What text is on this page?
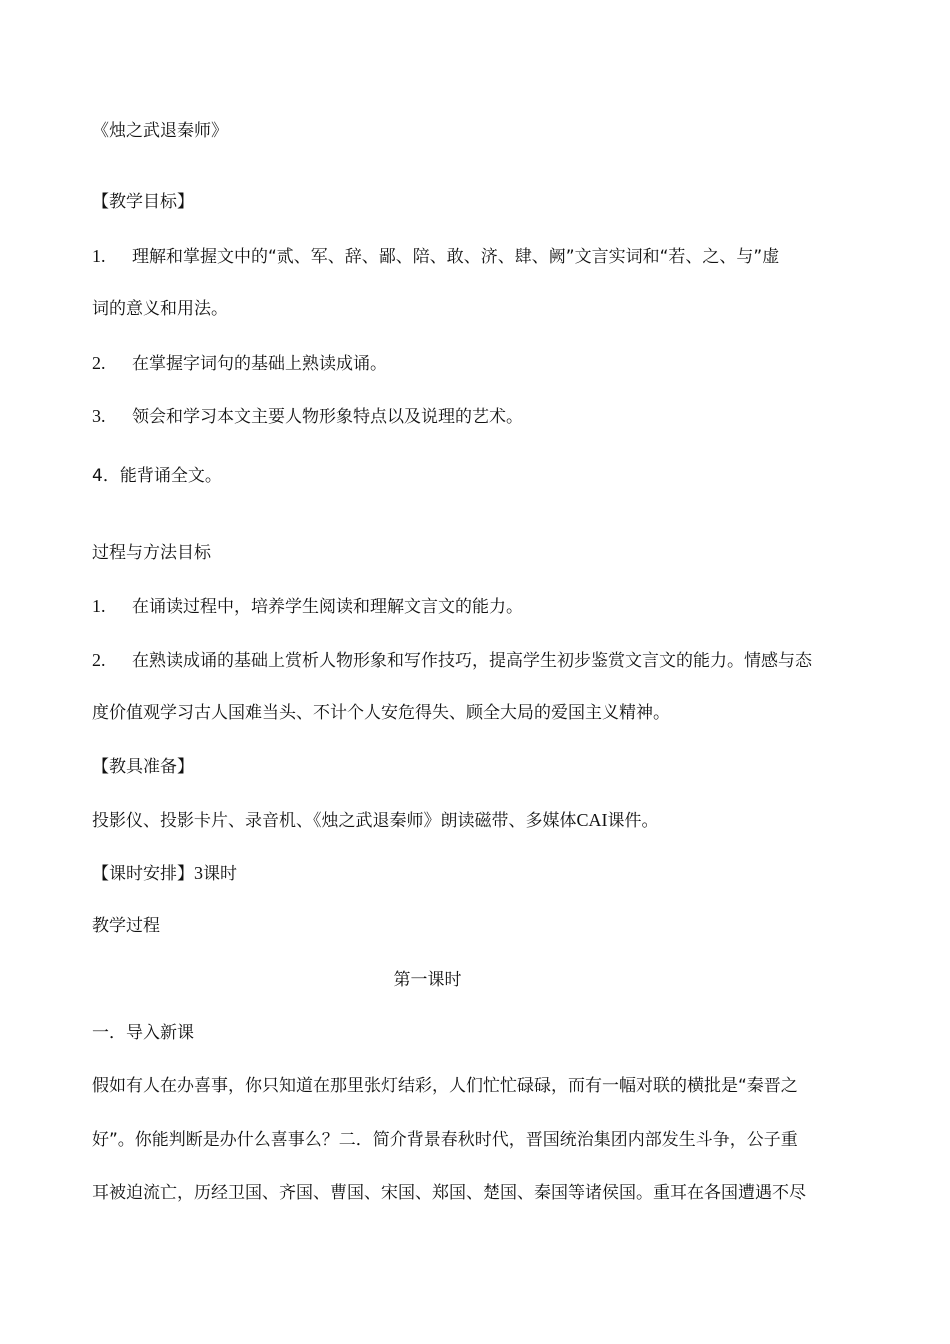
《烛之武退秦师》
【教学目标】
1. 理解和掌握文中的“贰、军、辞、鄙、陪、敢、济、肆、阙”文言实词和“若、之、与”虚
词的意义和用法。
2. 在掌握字词句的基础上熟读成诵。
3. 领会和学习本文主要人物形象特点以及说理的艺术。
4．能背诵全文。
过程与方法目标
1. 在诵读过程中，培养学生阅读和理解文言文的能力。
2. 在熟读成诵的基础上赏析人物形象和写作技巧，提高学生初步鉴赏文言文的能力。情感与态
度价值观学习古人国难当头、不计个人安危得失、顾全大局的爱国主义精神。
【教具准备】
投影仪、投影卡片、录音机、《烛之武退秦师》朗读磁带、多媒体CAI课件。
【课时安排】3课时
教学过程
第一课时
一．导入新课
假如有人在办喜事，你只知道在那里张灯结彩，人们忙忙碌碌，而有一幅对联的横批是“秦晋之
好”。你能判断是办什么喜事么？二．简介背景春秋时代，晋国统治集团内部发生斗争，公子重
耳被迫流亡，历经卫国、齐国、曹国、宋国、郑国、楚国、秦国等诸侯国。重耳在各国遭遇不尽
